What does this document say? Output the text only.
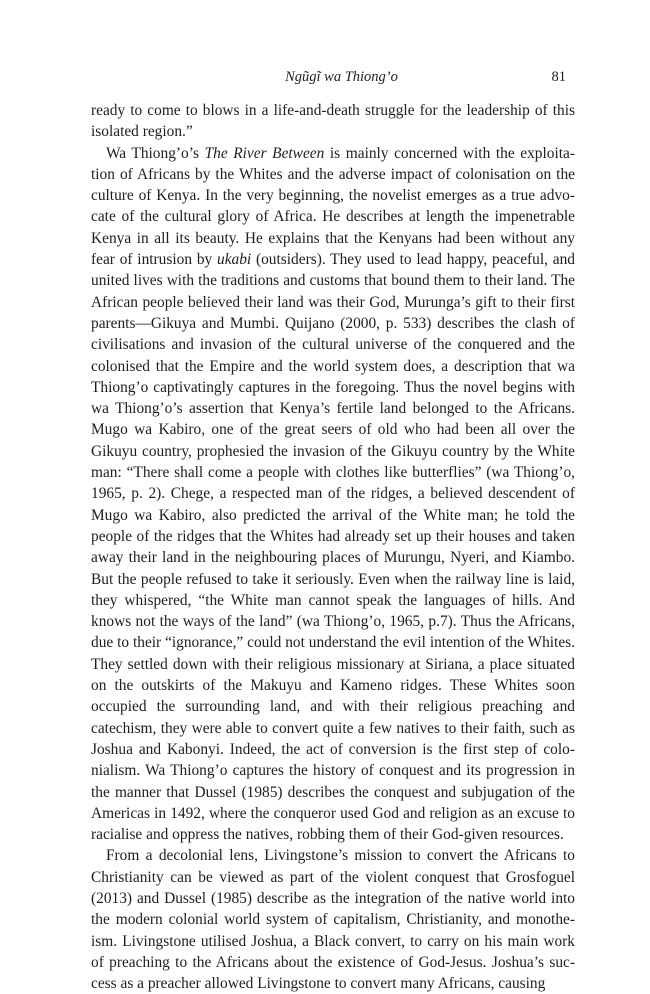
Ngũgĩ wa Thiong’o	81

ready to come to blows in a life-and-death struggle for the leadership of this isolated region.”

Wa Thiong’o’s The River Between is mainly concerned with the exploitation of Africans by the Whites and the adverse impact of colonisation on the culture of Kenya. In the very beginning, the novelist emerges as a true advocate of the cultural glory of Africa. He describes at length the impenetrable Kenya in all its beauty. He explains that the Kenyans had been without any fear of intrusion by ukabi (outsiders). They used to lead happy, peaceful, and united lives with the traditions and customs that bound them to their land. The African people believed their land was their God, Murunga’s gift to their first parents—Gikuya and Mumbi. Quijano (2000, p. 533) describes the clash of civilisations and invasion of the cultural universe of the conquered and the colonised that the Empire and the world system does, a description that wa Thiong’o captivatingly captures in the foregoing. Thus the novel begins with wa Thiong’o’s assertion that Kenya’s fertile land belonged to the Africans. Mugo wa Kabiro, one of the great seers of old who had been all over the Gikuyu country, prophesied the invasion of the Gikuyu country by the White man: “There shall come a people with clothes like butterflies” (wa Thiong’o, 1965, p. 2). Chege, a respected man of the ridges, a believed descendent of Mugo wa Kabiro, also predicted the arrival of the White man; he told the people of the ridges that the Whites had already set up their houses and taken away their land in the neighbouring places of Murungu, Nyeri, and Kiambo. But the people refused to take it seriously. Even when the railway line is laid, they whispered, “the White man cannot speak the languages of hills. And knows not the ways of the land” (wa Thiong’o, 1965, p.7). Thus the Africans, due to their “ignorance,” could not understand the evil intention of the Whites. They settled down with their religious missionary at Siriana, a place situated on the outskirts of the Makuyu and Kameno ridges. These Whites soon occupied the surrounding land, and with their religious preaching and catechism, they were able to convert quite a few natives to their faith, such as Joshua and Kabonyi. Indeed, the act of conversion is the first step of colonialism. Wa Thiong’o captures the history of conquest and its progression in the manner that Dussel (1985) describes the conquest and subjugation of the Americas in 1492, where the conqueror used God and religion as an excuse to racialise and oppress the natives, robbing them of their God-given resources.

From a decolonial lens, Livingstone’s mission to convert the Africans to Christianity can be viewed as part of the violent conquest that Grosfoguel (2013) and Dussel (1985) describe as the integration of the native world into the modern colonial world system of capitalism, Christianity, and monotheism. Livingstone utilised Joshua, a Black convert, to carry on his main work of preaching to the Africans about the existence of God-Jesus. Joshua’s success as a preacher allowed Livingstone to convert many Africans, causing
